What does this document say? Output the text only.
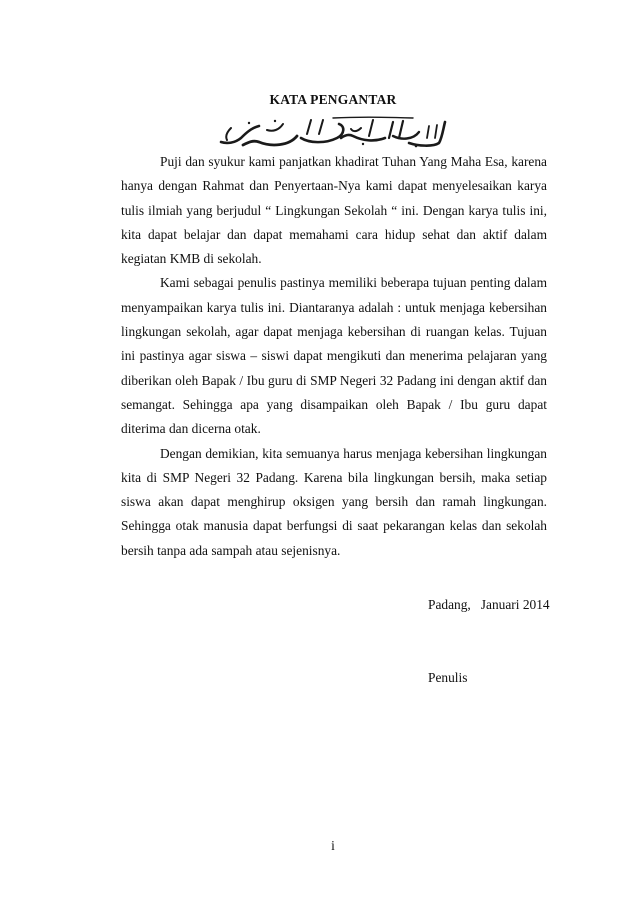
KATA PENGANTAR

Puji dan syukur kami panjatkan khadirat Tuhan Yang Maha Esa, karena hanya dengan Rahmat dan Penyertaan-Nya kami dapat menyelesaikan karya tulis ilmiah yang berjudul “ Lingkungan Sekolah “ ini. Dengan karya tulis ini, kita dapat belajar dan dapat memahami cara hidup sehat dan aktif dalam kegiatan KMB di sekolah.

Kami sebagai penulis pastinya memiliki beberapa tujuan penting dalam menyampaikan karya tulis ini. Diantaranya adalah : untuk menjaga kebersihan lingkungan sekolah, agar dapat menjaga kebersihan di ruangan kelas. Tujuan ini pastinya agar siswa – siswi dapat mengikuti dan menerima pelajaran yang diberikan oleh Bapak / Ibu guru di SMP Negeri 32 Padang ini dengan aktif dan semangat. Sehingga apa yang disampaikan oleh Bapak / Ibu guru dapat diterima dan dicerna otak.

Dengan demikian, kita semuanya harus menjaga kebersihan lingkungan kita di SMP Negeri 32 Padang. Karena bila lingkungan bersih, maka setiap siswa akan dapat menghirup oksigen yang bersih dan ramah lingkungan. Sehingga otak manusia dapat berfungsi di saat pekarangan kelas dan sekolah bersih tanpa ada sampah atau sejenisnya.

Padang,   Januari 2014
Penulis
i
